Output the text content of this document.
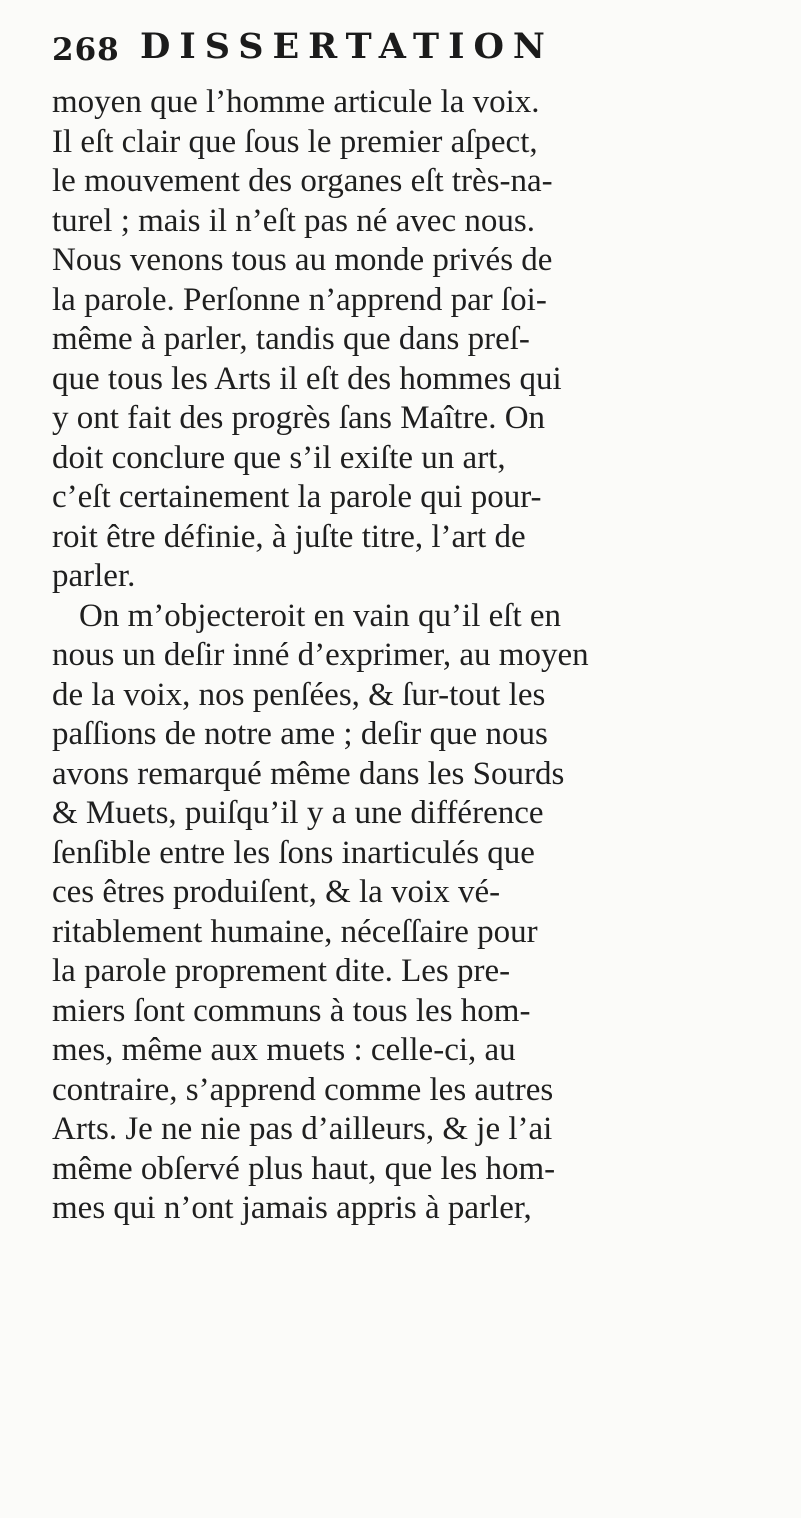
268 DISSERTATION
moyen que l’homme articule la voix.
Il eſt clair que ſous le premier aſpect,
le mouvement des organes eſt très-na-
turel ; mais il n’eſt pas né avec nous.
Nous venons tous au monde privés de
la parole. Perſonne n’apprend par ſoi-
même à parler, tandis que dans preſ-
que tous les Arts il eſt des hommes qui
y ont fait des progrès ſans Maître. On
doit conclure que s’il exiſte un art,
c’eſt certainement la parole qui pour-
roit être définie, à juſte titre, l’art de
parler.
On m’objecteroit en vain qu’il eſt en
nous un deſir inné d’exprimer, au moyen
de la voix, nos penſées, & ſur-tout les
paſſions de notre ame ; deſir que nous
avons remarqué même dans les Sourds
& Muets, puiſqu’il y a une différence
ſenſible entre les ſons inarticulés que
ces êtres produiſent, & la voix vé-
ritablement humaine, néceſſaire pour
la parole proprement dite. Les pre-
miers ſont communs à tous les hom-
mes, même aux muets : celle-ci, au
contraire, s’apprend comme les autres
Arts. Je ne nie pas d’ailleurs, & je l’ai
même obſervé plus haut, que les hom-
mes qui n’ont jamais appris à parler,
